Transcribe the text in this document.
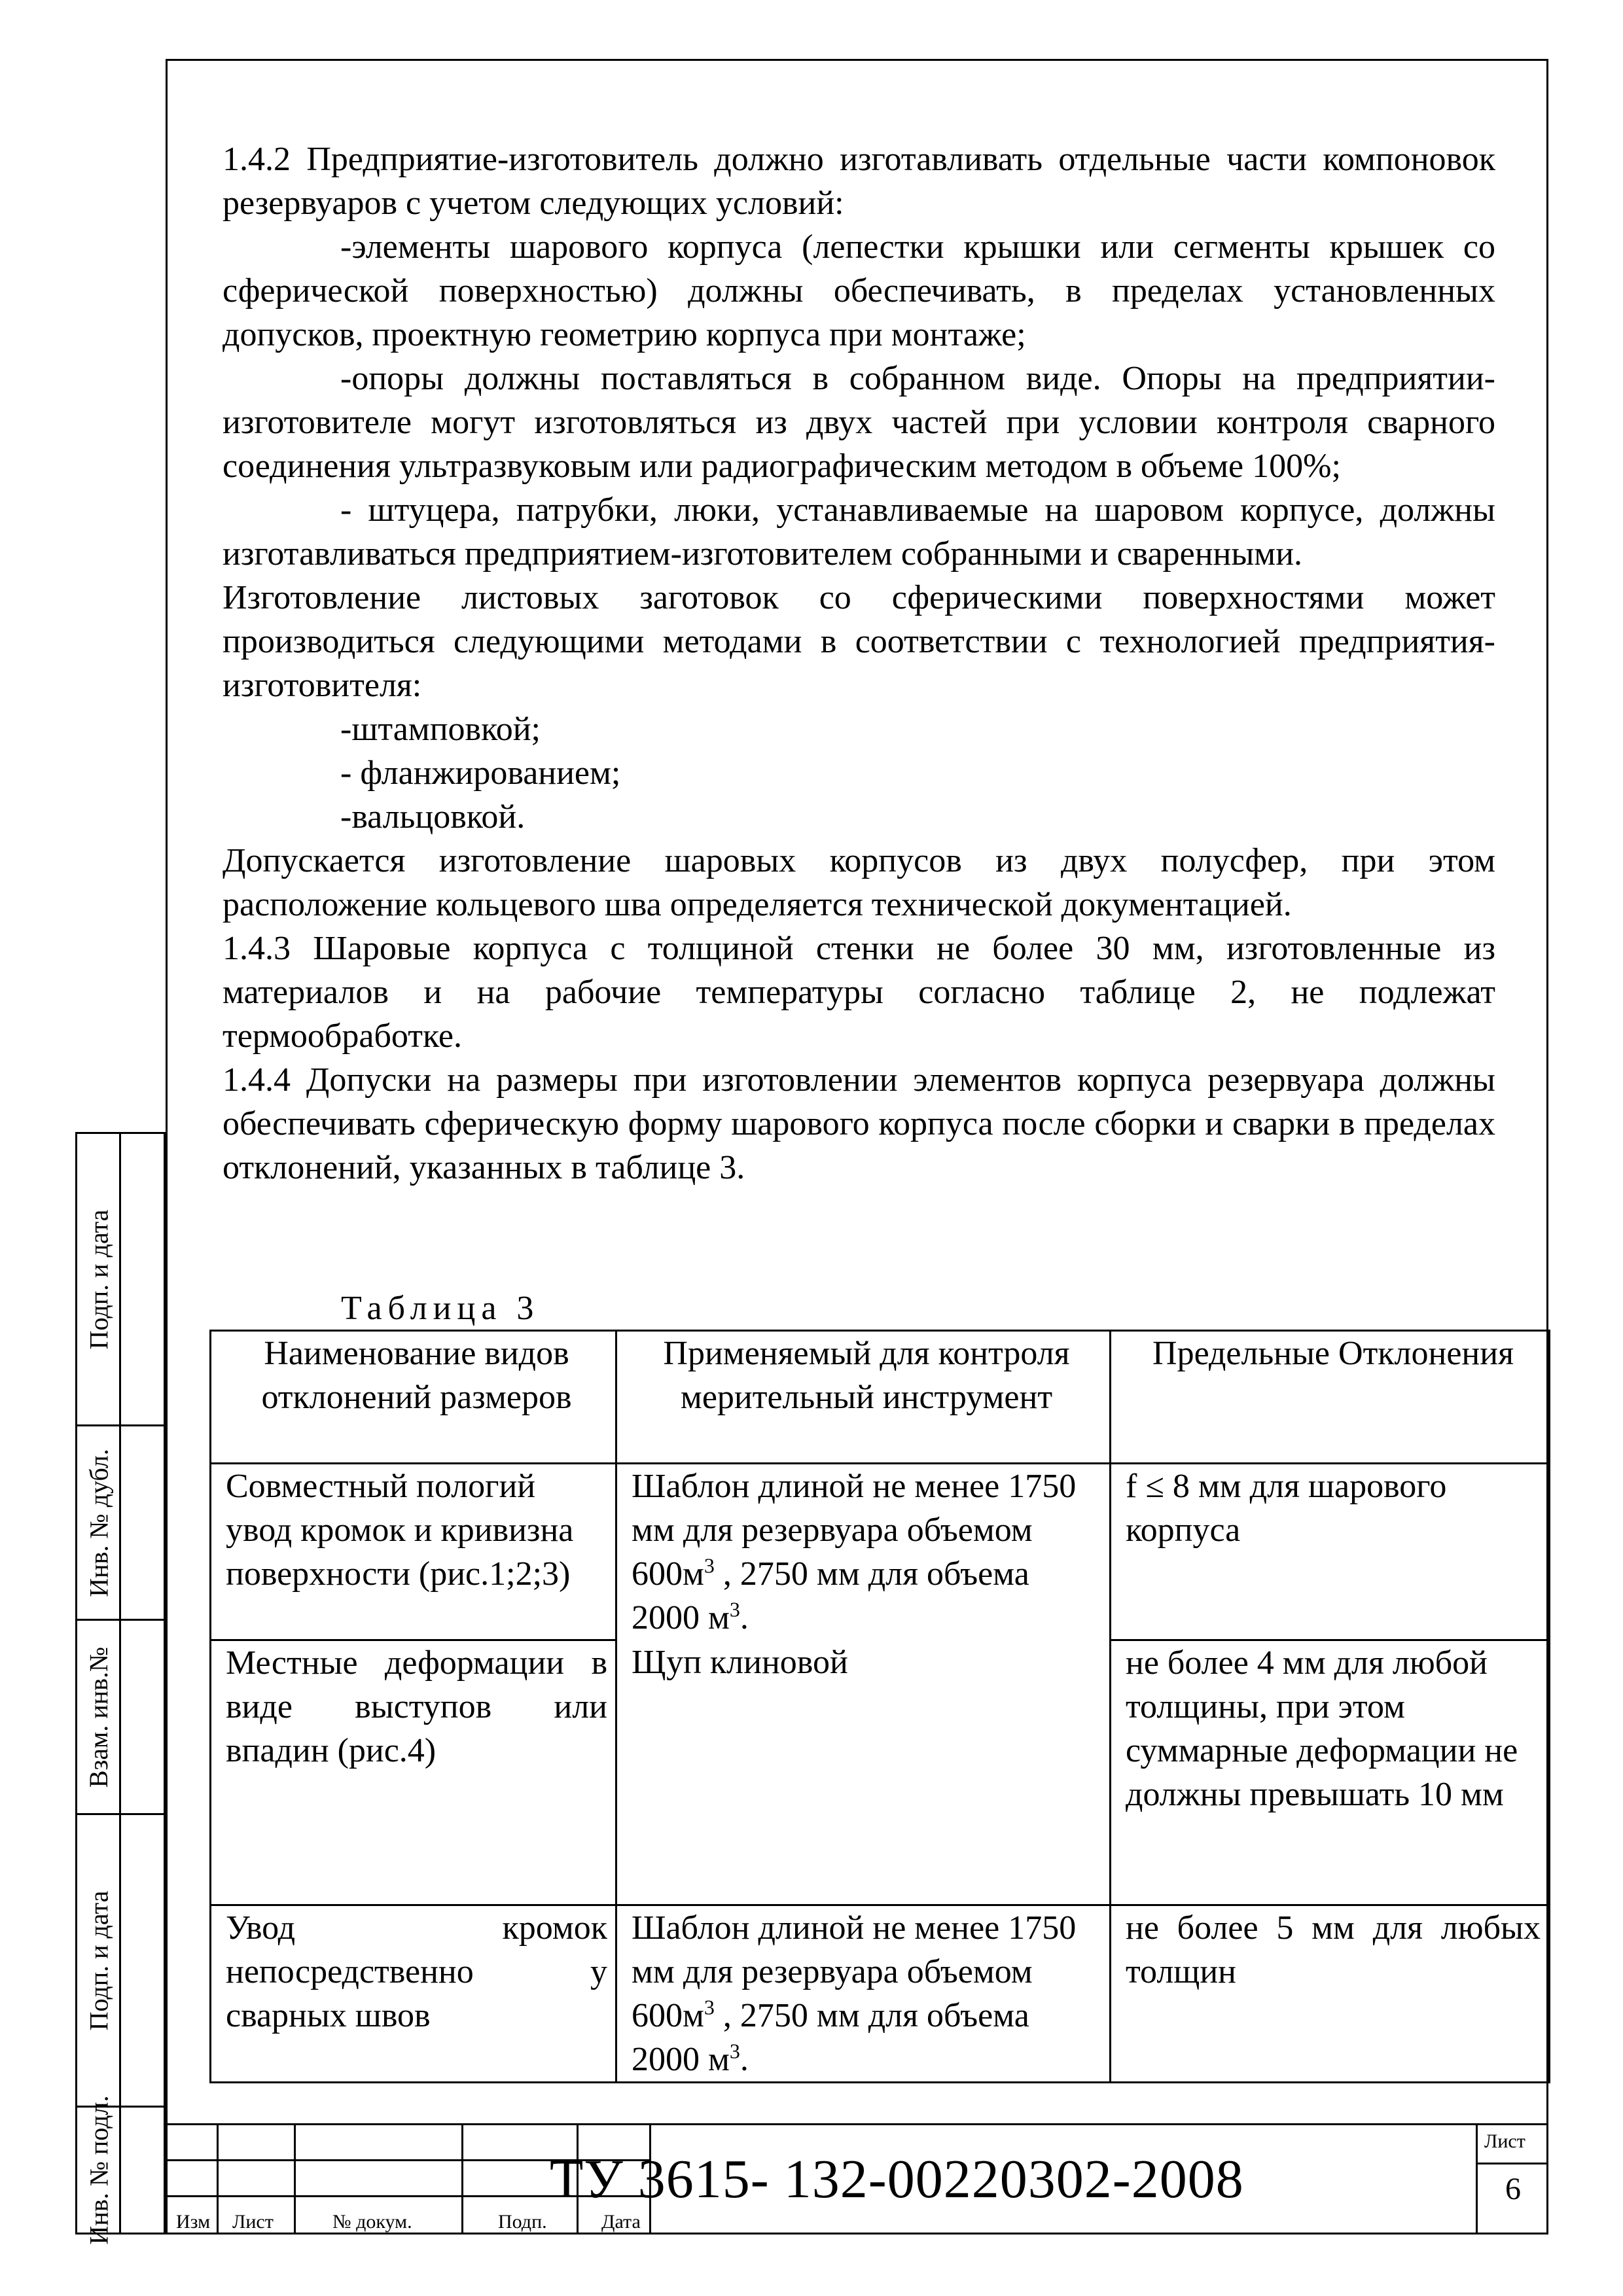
1.4.2 Предприятие-изготовитель должно изготавливать отдельные части компоновок резервуаров с учетом следующих условий:

-элементы шарового корпуса (лепестки крышки или сегменты крышек со сферической поверхностью) должны обеспечивать, в пределах установленных допусков, проектную геометрию корпуса при монтаже;

-опоры должны поставляться в собранном виде. Опоры на предприятии-изготовителе могут изготовляться из двух частей при условии контроля сварного соединения ультразвуковым или радиографическим методом в объеме 100%;

- штуцера, патрубки, люки, устанавливаемые на шаровом корпусе, должны изготавливаться предприятием-изготовителем собранными и сваренными.

Изготовление листовых заготовок со сферическими поверхностями может производиться следующими методами в соответствии с технологией предприятия-изготовителя:

-штамповкой;

- фланжированием;

-вальцовкой.

Допускается изготовление шаровых корпусов из двух полусфер, при этом расположение кольцевого шва определяется технической документацией.

1.4.3 Шаровые корпуса с толщиной стенки не более 30 мм, изготовленные из материалов и на рабочие температуры согласно таблице 2, не подлежат термообработке.

1.4.4 Допуски на размеры при изготовлении элементов корпуса резервуара должны обеспечивать сферическую форму шарового корпуса после сборки и сварки в пределах отклонений, указанных в таблице 3.

Таблица 3
Наименование видов отклонений размеров	Применяемый для контроля мерительный инструмент	Предельные Отклонения
Совместный пологий увод кромок и кривизна поверхности (рис.1;2;3)	Шаблон длиной не менее 1750 мм для резервуара объемом $600м^3$ , 2750 мм для объема 2000 $м^3$.	f ≤ 8 мм для шарового корпуса
Местные деформации в виде выступов или впадин (рис.4)	Щуп клиновой	не более 4 мм для любой толщины, при этом суммарные деформации не должны превышать 10 мм
Увод кромок непосредственно у сварных швов	Шаблон длиной не менее 1750 мм для резервуара объемом $600м^3$ , 2750 мм для объема 2000 $м^3$.	не более 5 мм для любых толщин
Подп. и дата
Инв. № дубл.
Взам. инв.№
Подп. и дата
Инв. № подл.	Изм Лист	№ докум.	Подп.	Дата
ТУ 3615- 132-00220302-2008
Лист
6
